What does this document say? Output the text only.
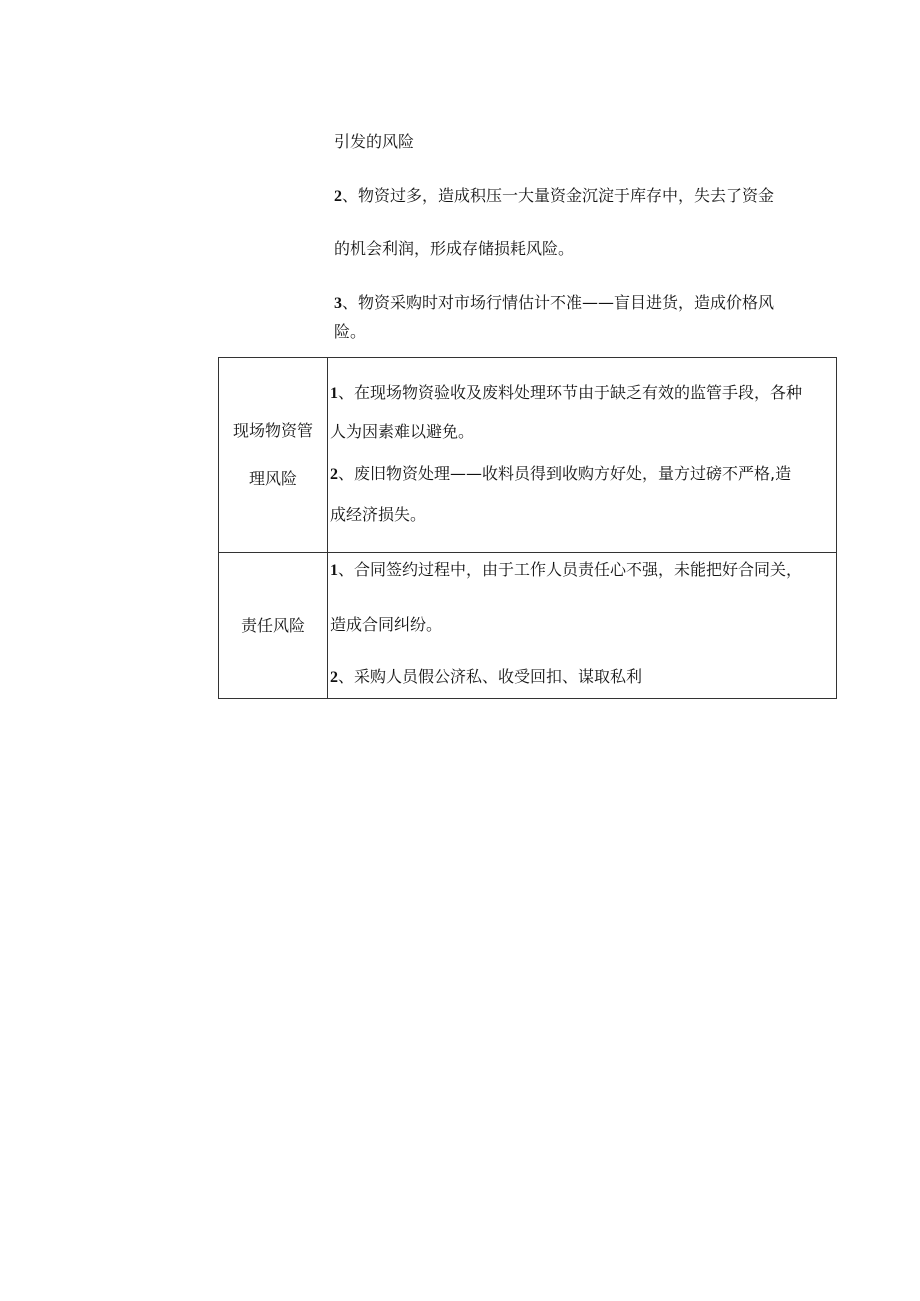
引发的风险
2、物资过多，造成积压一大量资金沉淀于库存中，失去了资金
的机会利润，形成存储损耗风险。
3、物资采购时对市场行情估计不准——盲目进货，造成价格风
险。
现场物资管
理风险	1、在现场物资验收及废料处理环节由于缺乏有效的监管手段，各种
人为因素难以避免。
2、废旧物资处理——收料员得到收购方好处，量方过磅不严格,造
成经济损失。

责任风险	1、合同签约过程中，由于工作人员责任心不强，未能把好合同关，
造成合同纠纷。
2、采购人员假公济私、收受回扣、谋取私利
